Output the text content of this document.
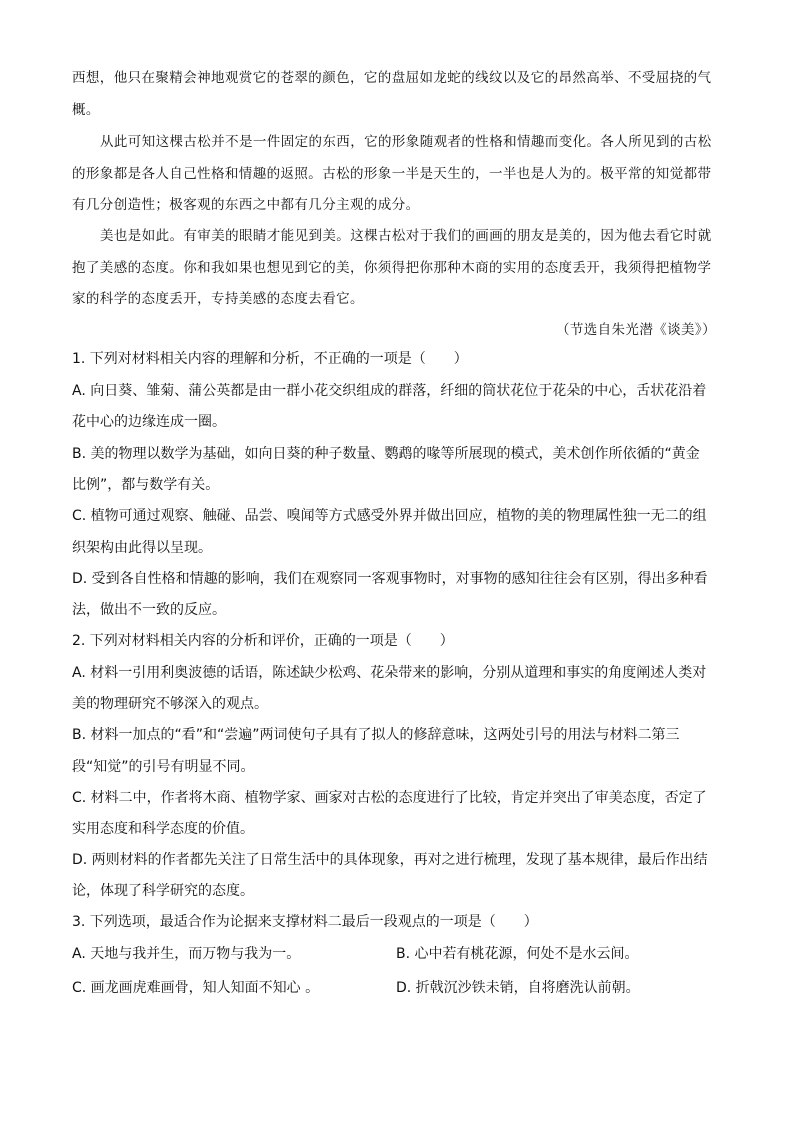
西想，他只在聚精会神地观赏它的苍翠的颜色，它的盘屈如龙蛇的线纹以及它的昂然高举、不受屈挠的气
概。
从此可知这棵古松并不是一件固定的东西，它的形象随观者的性格和情趣而变化。各人所见到的古松
的形象都是各人自己性格和情趣的返照。古松的形象一半是天生的，一半也是人为的。极平常的知觉都带
有几分创造性；极客观的东西之中都有几分主观的成分。
美也是如此。有审美的眼睛才能见到美。这棵古松对于我们的画画的朋友是美的，因为他去看它时就
抱了美感的态度。你和我如果也想见到它的美，你须得把你那种木商的实用的态度丢开，我须得把植物学
家的科学的态度丢开，专持美感的态度去看它。
（节选自朱光潜《谈美》）
1. 下列对材料相关内容的理解和分析，不正确的一项是（　　）
A. 向日葵、雏菊、蒲公英都是由一群小花交织组成的群落，纤细的筒状花位于花朵的中心，舌状花沿着
花中心的边缘连成一圈。
B. 美的物理以数学为基础，如向日葵的种子数量、鹦鹉的喙等所展现的模式，美术创作所依循的“黄金
比例”，都与数学有关。
C. 植物可通过观察、触碰、品尝、嗅闻等方式感受外界并做出回应，植物的美的物理属性独一无二的组
织架构由此得以呈现。
D. 受到各自性格和情趣的影响，我们在观察同一客观事物时，对事物的感知往往会有区别，得出多种看
法，做出不一致的反应。
2. 下列对材料相关内容的分析和评价，正确的一项是（　　）
A. 材料一引用利奥波德的话语，陈述缺少松鸡、花朵带来的影响，分别从道理和事实的角度阐述人类对
美的物理研究不够深入的观点。
B. 材料一加点的“看”和“尝遍”两词使句子具有了拟人的修辞意味，这两处引号的用法与材料二第三
段“知觉”的引号有明显不同。
C. 材料二中，作者将木商、植物学家、画家对古松的态度进行了比较，肯定并突出了审美态度，否定了
实用态度和科学态度的价值。
D. 两则材料的作者都先关注了日常生活中的具体现象，再对之进行梳理，发现了基本规律，最后作出结
论，体现了科学研究的态度。
3. 下列选项，最适合作为论据来支撑材料二最后一段观点的一项是（　　）
A. 天地与我并生，而万物与我为一。	B. 心中若有桃花源，何处不是水云间。
C. 画龙画虎难画骨，知人知面不知心 。	D. 折戟沉沙铁未销，自将磨洗认前朝。
